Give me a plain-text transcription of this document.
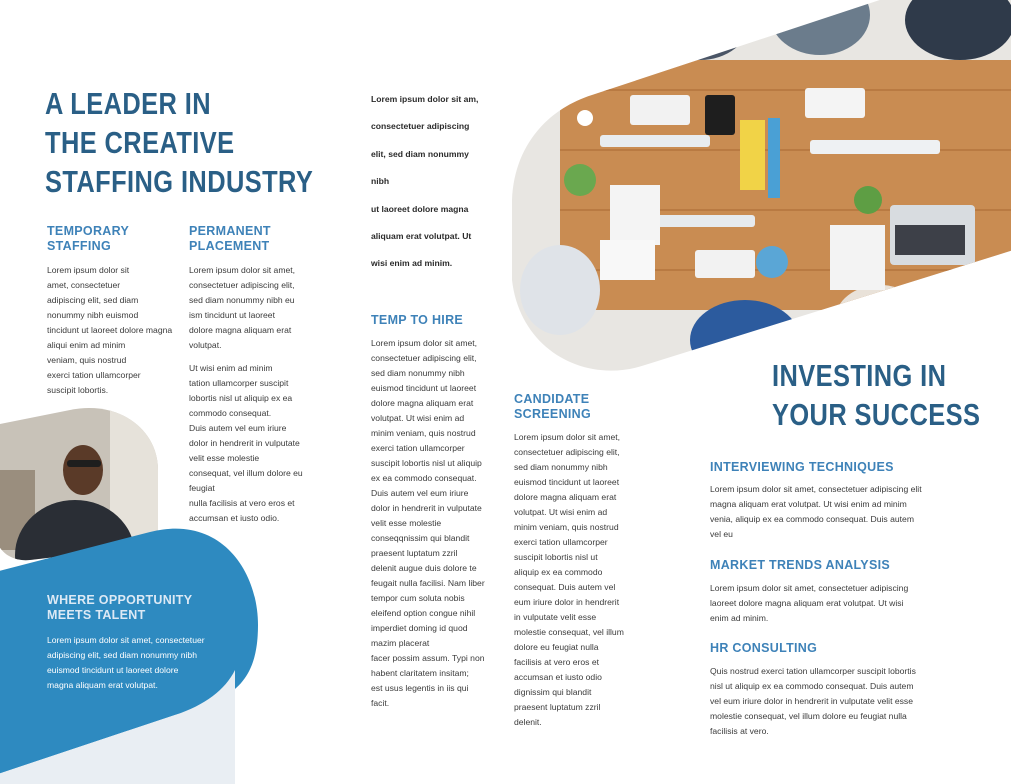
A LEADER IN
THE CREATIVE
STAFFING INDUSTRY
TEMPORARY
STAFFING
Lorem ipsum dolor sit
amet, consectetuer
adipiscing elit, sed diam
nonummy nibh euismod
tincidunt ut laoreet dolore magna
aliqui enim ad minim
veniam, quis nostrud
exerci tation ullamcorper
suscipit lobortis.
PERMANENT
PLACEMENT
Lorem ipsum dolor sit amet,
consectetuer adipiscing elit,
sed diam nonummy nibh eu
ism tincidunt ut laoreet
dolore magna aliquam erat
volutpat.
Ut wisi enim ad minim
tation ullamcorper suscipit
lobortis nisl ut aliquip ex ea
commodo consequat.
Duis autem vel eum iriure
dolor in hendrerit in vulputate
velit esse molestie
consequat, vel illum dolore eu
feugiat
nulla facilisis at vero eros et
accumsan et iusto odio.
WHERE OPPORTUNITY
MEETS TALENT
Lorem ipsum dolor sit amet, consectetuer
adipiscing elit, sed diam nonummy nibh
euismod tincidunt ut laoreet dolore
magna aliquam erat volutpat.
Lorem ipsum dolor sit am,
consectetuer adipiscing
elit, sed diam nonummy
nibh
ut laoreet dolore magna
aliquam erat volutpat. Ut
wisi enim ad minim.
TEMP TO HIRE
Lorem ipsum dolor sit amet,
consectetuer adipiscing elit,
sed diam nonummy nibh
euismod tincidunt ut laoreet
dolore magna aliquam erat
volutpat. Ut wisi enim ad
minim veniam, quis nostrud
exerci tation ullamcorper
suscipit lobortis nisl ut aliquip
ex ea commodo consequat.
Duis autem vel eum iriure
dolor in hendrerit in vulputate
velit esse molestie
conseqqnissim qui blandit
praesent luptatum zzril
delenit augue duis dolore te
feugait nulla facilisi. Nam liber
tempor cum soluta nobis
eleifend option congue nihil
imperdiet doming id quod
mazim placerat
facer possim assum. Typi non
habent claritatem insitam;
est usus legentis in iis qui
facit.
CANDIDATE
SCREENING
Lorem ipsum dolor sit amet,
consectetuer adipiscing elit,
sed diam nonummy nibh
euismod tincidunt ut laoreet
dolore magna aliquam erat
volutpat. Ut wisi enim ad
minim veniam, quis nostrud
exerci tation ullamcorper
suscipit lobortis nisl ut
aliquip ex ea commodo
consequat. Duis autem vel
eum iriure dolor in hendrerit
in vulputate velit esse
molestie consequat, vel illum
dolore eu feugiat nulla
facilisis at vero eros et
accumsan et iusto odio
dignissim qui blandit
praesent luptatum zzril
delenit.
INVESTING IN
YOUR SUCCESS
INTERVIEWING TECHNIQUES
Lorem ipsum dolor sit amet, consectetuer adipiscing elit
magna aliquam erat volutpat. Ut wisi enim ad minim
venia, aliquip ex ea commodo consequat. Duis autem
vel eu
MARKET TRENDS ANALYSIS
Lorem ipsum dolor sit amet, consectetuer adipiscing
laoreet dolore magna aliquam erat volutpat. Ut wisi
enim ad minim.
HR CONSULTING
Quis nostrud exerci tation ullamcorper suscipit lobortis
nisl ut aliquip ex ea commodo consequat. Duis autem
vel eum iriure dolor in hendrerit in vulputate velit esse
molestie consequat, vel illum dolore eu feugiat nulla
facilisis at vero.
